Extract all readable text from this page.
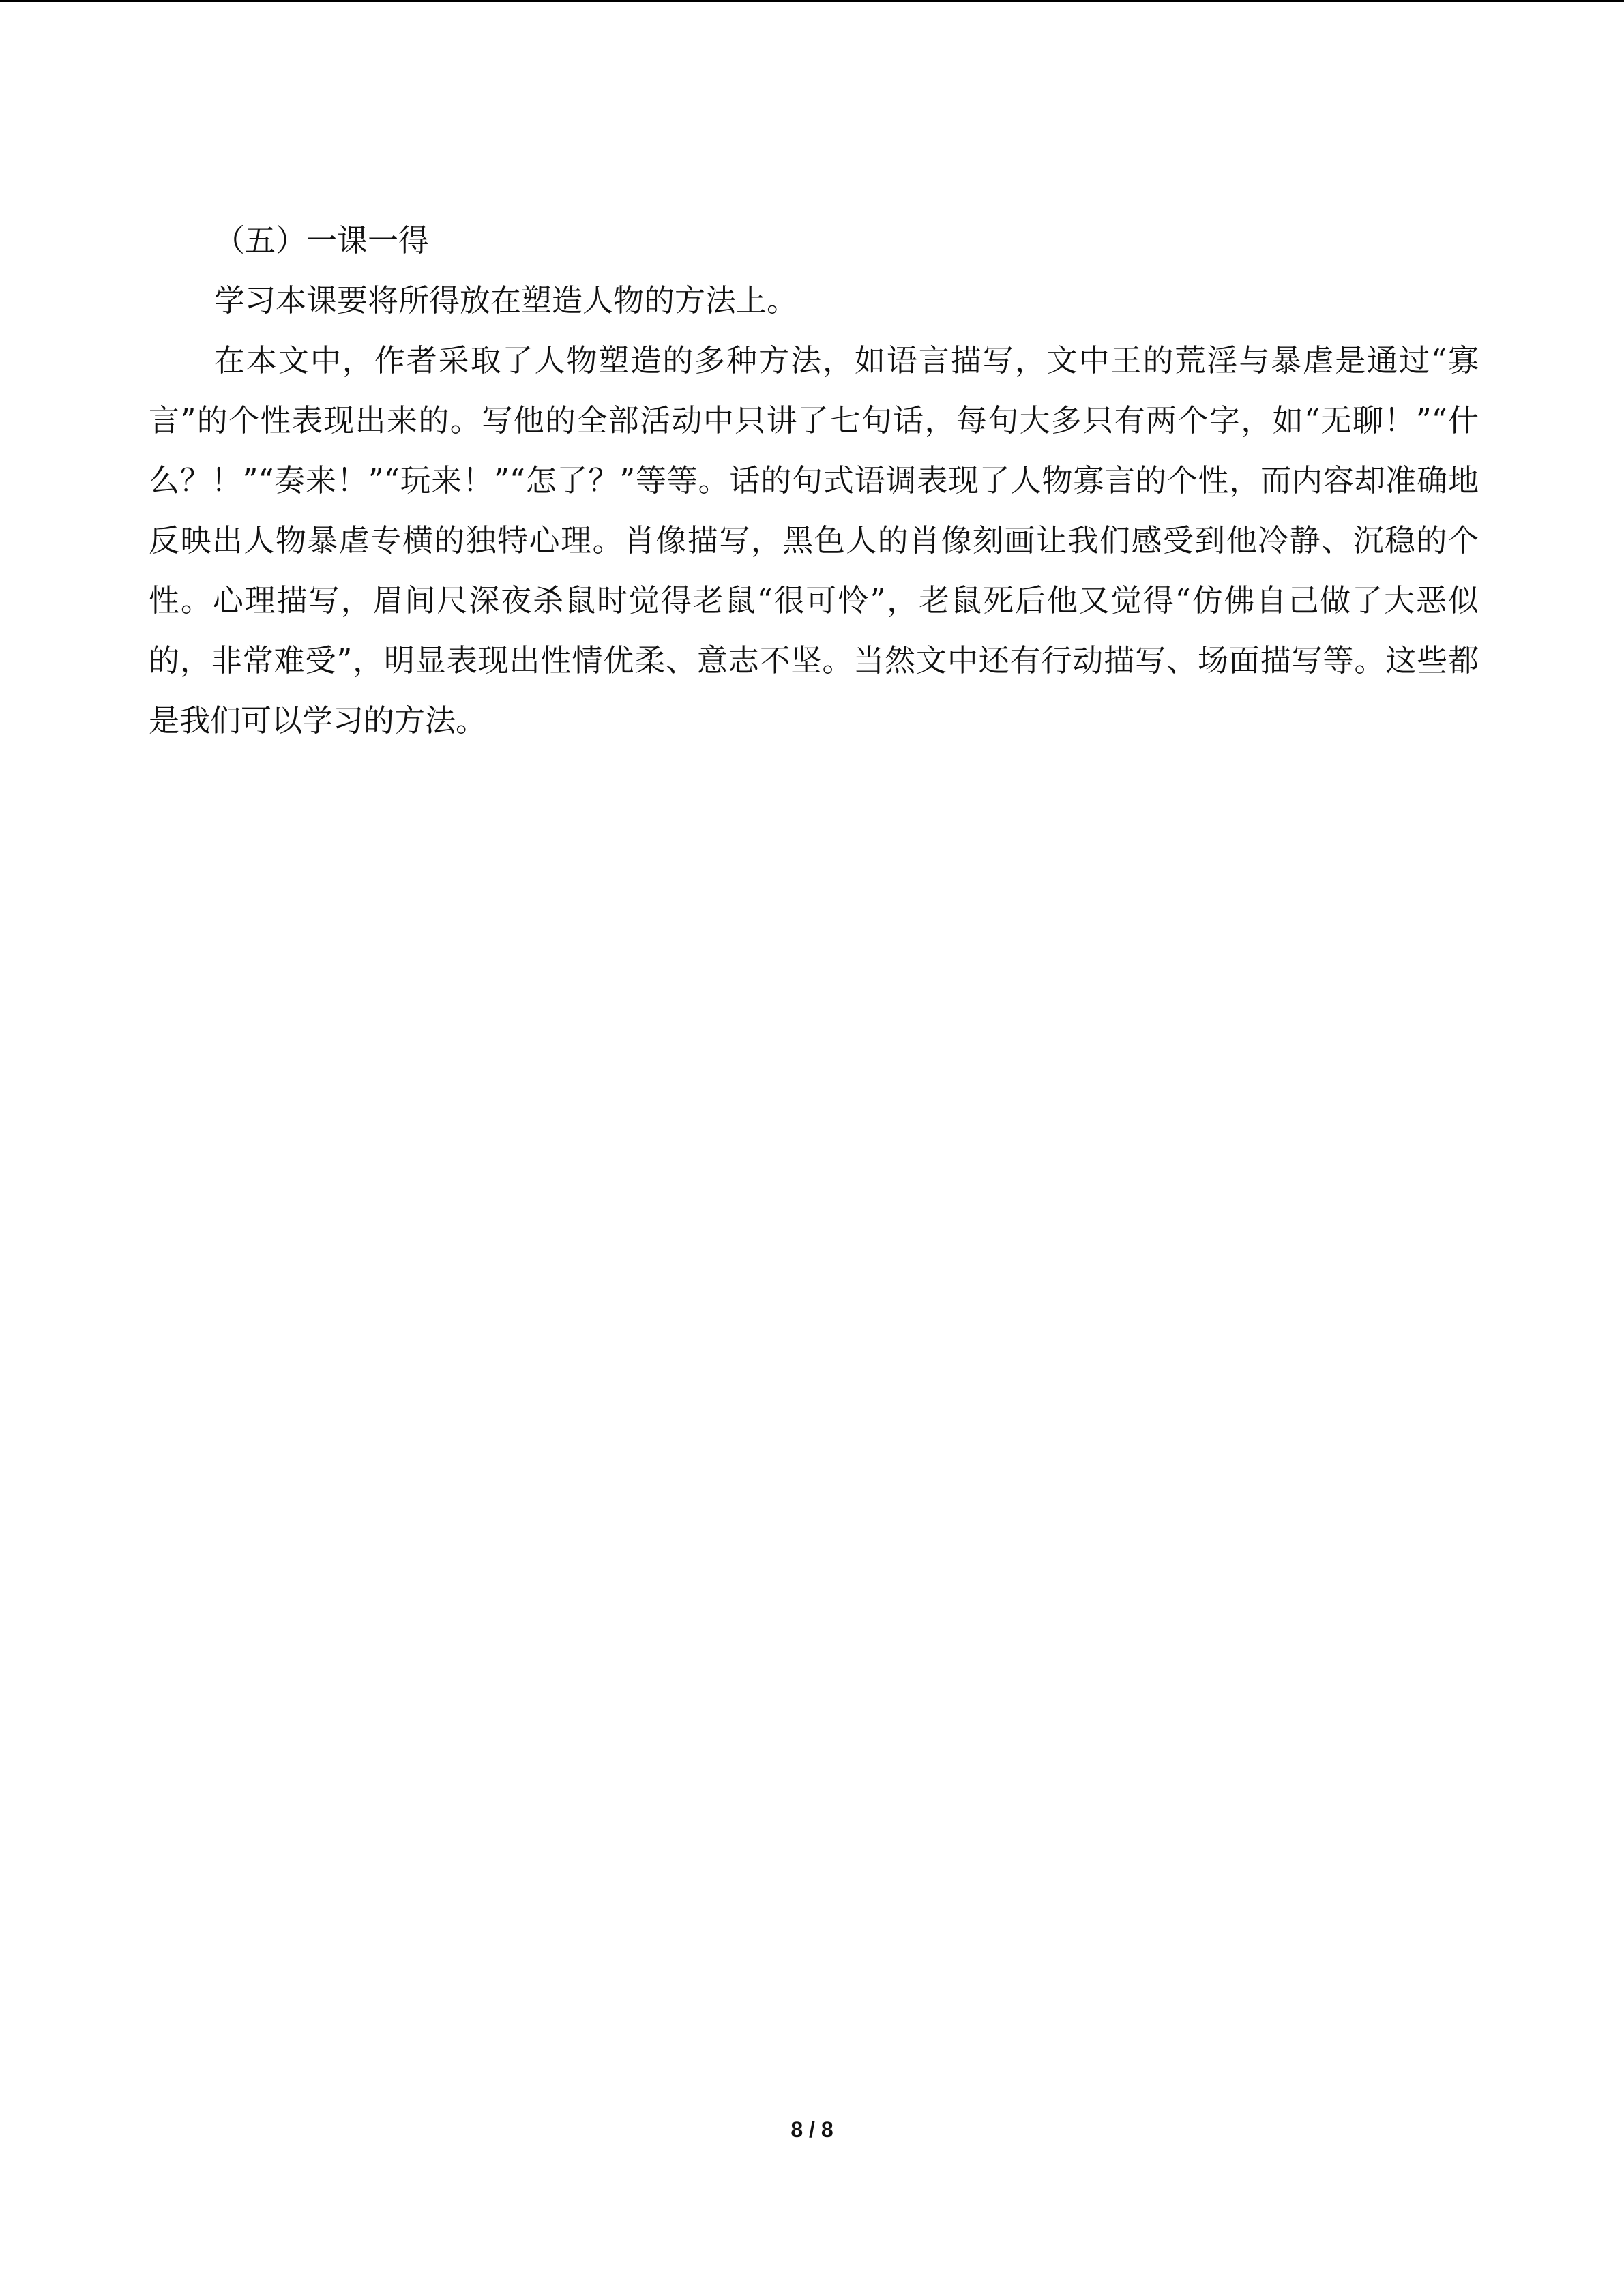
（五）一课一得

学习本课要将所得放在塑造人物的方法上。

在本文中，作者采取了人物塑造的多种方法，如语言描写，文中王的荒淫与暴虐是通过“寡言”的个性表现出来的。写他的全部活动中只讲了七句话，每句大多只有两个字，如“无聊！”“什么？！”“奏来！”“玩来！”“怎了？”等等。话的句式语调表现了人物寡言的个性，而内容却准确地反映出人物暴虐专横的独特心理。肖像描写，黑色人的肖像刻画让我们感受到他冷静、沉稳的个性。心理描写，眉间尺深夜杀鼠时觉得老鼠“很可怜”，老鼠死后他又觉得“仿佛自己做了大恶似的，非常难受”，明显表现出性情优柔、意志不坚。当然文中还有行动描写、场面描写等。这些都是我们可以学习的方法。

8 / 8
